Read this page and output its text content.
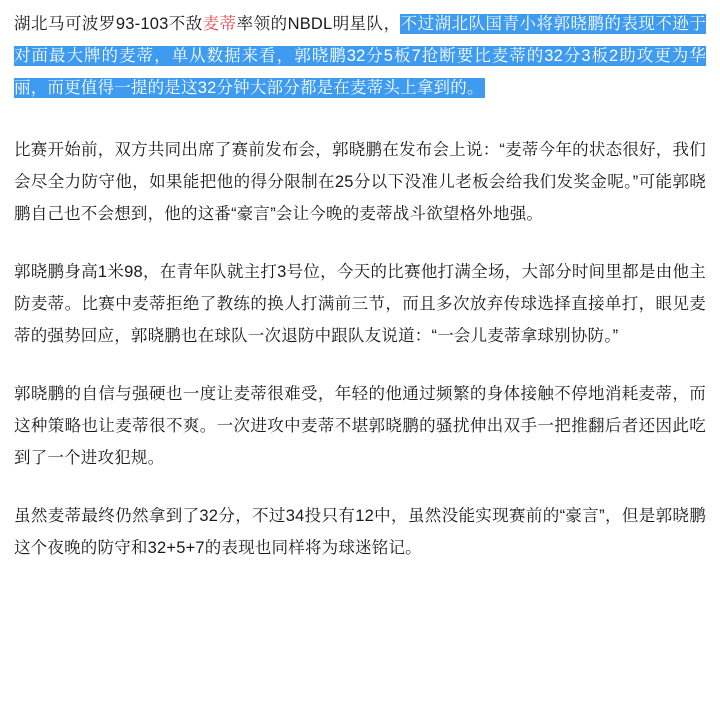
湖北马可波罗93-103不敌麦蒂率领的NBDL明星队，不过湖北队国青小将郭晓鹏的表现不逊于对面最大牌的麦蒂，单从数据来看，郭晓鹏32分5板7抢断要比麦蒂的32分3板2助攻更为华丽，而更值得一提的是这32分钟大部分都是在麦蒂头上拿到的。

比赛开始前，双方共同出席了赛前发布会，郭晓鹏在发布会上说：“麦蒂今年的状态很好，我们会尽全力防守他，如果能把他的得分限制在25分以下没准儿老板会给我们发奖金呢。”可能郭晓鹏自己也不会想到，他的这番“豪言”会让今晚的麦蒂战斗欲望格外地强。

郭晓鹏身高1米98，在青年队就主打3号位，今天的比赛他打满全场，大部分时间里都是由他主防麦蒂。比赛中麦蒂拒绝了教练的换人打满前三节，而且多次放弃传球选择直接单打，眼见麦蒂的强势回应，郭晓鹏也在球队一次退防中跟队友说道：“一会儿麦蒂拿球别协防。”

郭晓鹏的自信与强硬也一度让麦蒂很难受，年轻的他通过频繁的身体接触不停地消耗麦蒂，而这种策略也让麦蒂很不爽。一次进攻中麦蒂不堪郭晓鹏的骚扰伸出双手一把推翻后者还因此吃到了一个进攻犯规。

虽然麦蒂最终仍然拿到了32分，不过34投只有12中，虽然没能实现赛前的“豪言”，但是郭晓鹏这个夜晚的防守和32+5+7的表现也同样将为球迷铭记。
